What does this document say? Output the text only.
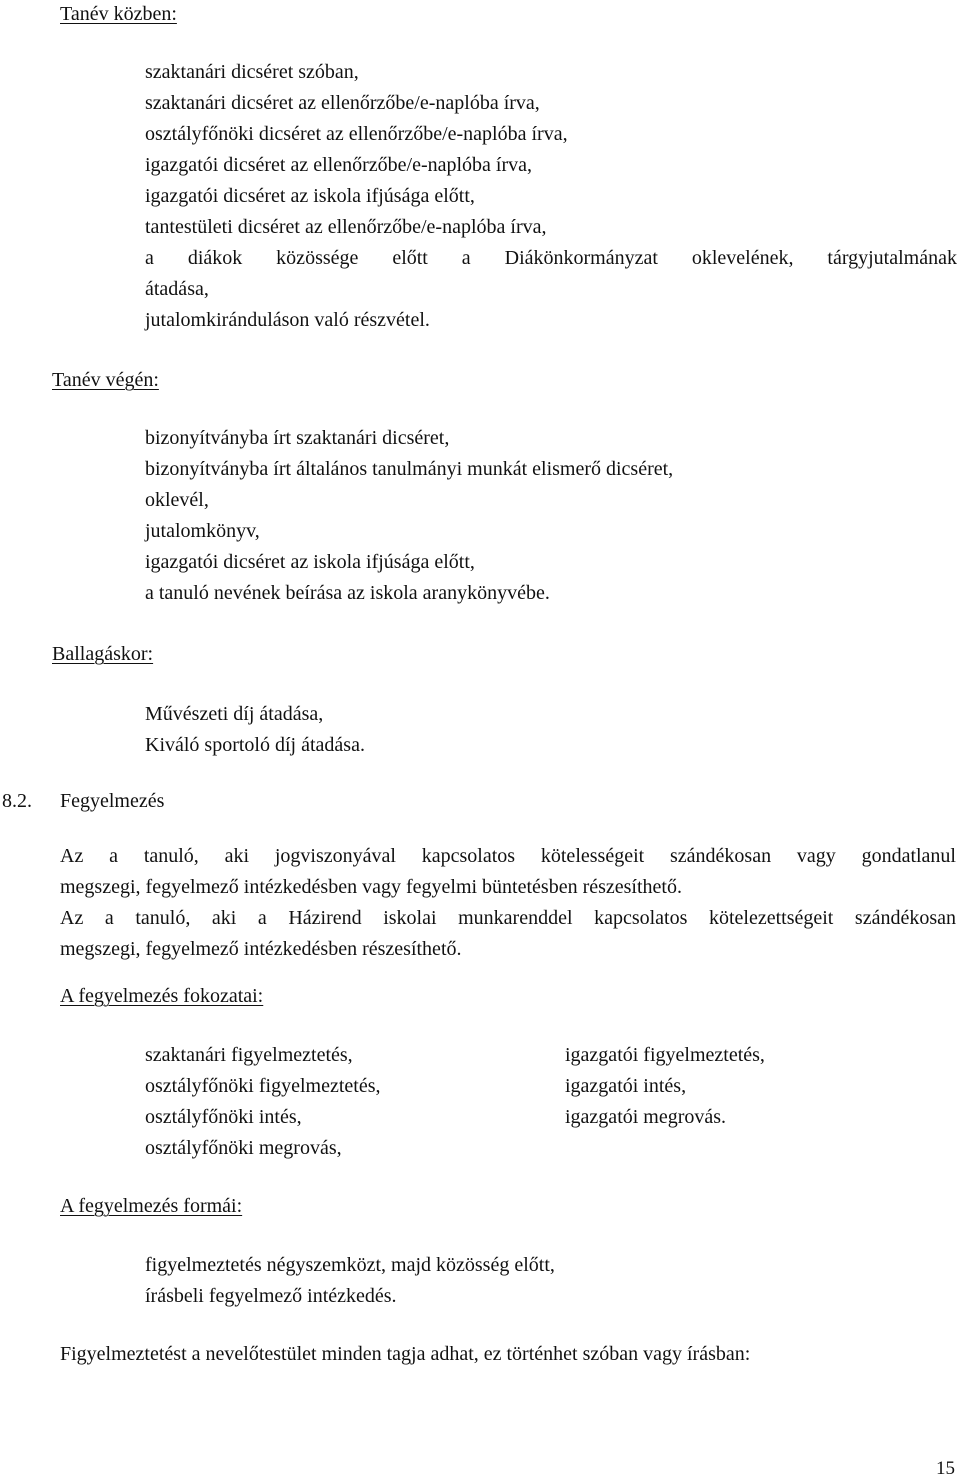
Tanév közben:
szaktanári dicséret szóban,
szaktanári dicséret az ellenőrzőbe/e-naplóba írva,
osztályfőnöki dicséret az ellenőrzőbe/e-naplóba írva,
igazgatói dicséret az ellenőrzőbe/e-naplóba írva,
igazgatói dicséret az iskola ifjúsága előtt,
tantestületi dicséret az ellenőrzőbe/e-naplóba írva,
a diákok közössége előtt a Diákönkormányzat oklevelének, tárgyjutalmának
átadása,
jutalomkiránduláson való részvétel.
Tanév végén:
bizonyítványba írt szaktanári dicséret,
bizonyítványba írt általános tanulmányi munkát elismerő dicséret,
oklevél,
jutalomkönyv,
igazgatói dicséret az iskola ifjúsága előtt,
a tanuló nevének beírása az iskola aranykönyvébe.
Ballagáskor:
Művészeti díj átadása,
Kiváló sportoló díj átadása.
8.2. Fegyelmezés
Az a tanuló, aki jogviszonyával kapcsolatos kötelességeit szándékosan vagy gondatlanul
megszegi, fegyelmező intézkedésben vagy fegyelmi büntetésben részesíthető.
Az a tanuló, aki a Házirend iskolai munkarenddel kapcsolatos kötelezettségeit szándékosan
megszegi, fegyelmező intézkedésben részesíthető.
A fegyelmezés fokozatai:
szaktanári figyelmeztetés,
osztályfőnöki figyelmeztetés,
osztályfőnöki intés,
osztályfőnöki megrovás,
igazgatói figyelmeztetés,
igazgatói intés,
igazgatói megrovás.
A fegyelmezés formái:
figyelmeztetés négyszemközt, majd közösség előtt,
írásbeli fegyelmező intézkedés.
Figyelmeztetést a nevelőtestület minden tagja adhat, ez történhet szóban vagy írásban:
15
